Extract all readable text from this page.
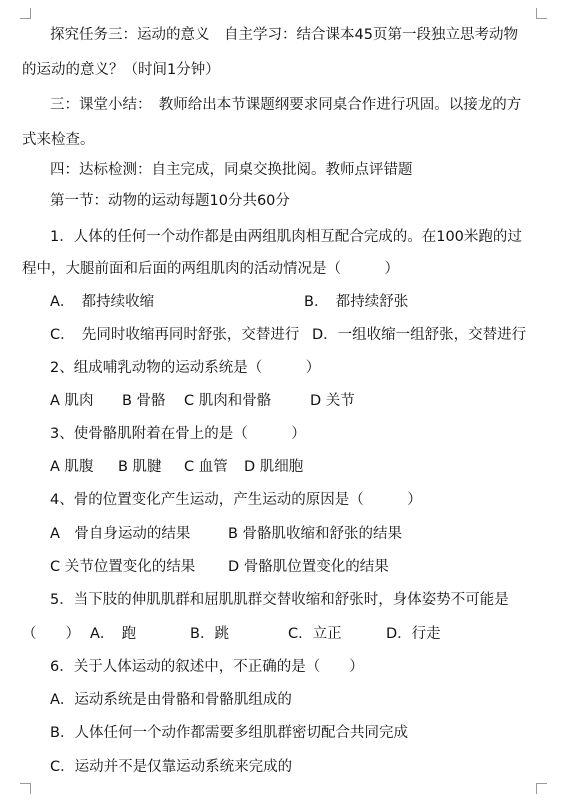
探究任务三：运动的意义　自主学习：结合课本45页第一段独立思考动物
的运动的意义？（时间1分钟）
三：课堂小结：　教师给出本节课题纲要求同桌合作进行巩固。以接龙的方
式来检查。
四：达标检测：自主完成，同桌交换批阅。教师点评错题
第一节：动物的运动每题10分共60分
1．人体的任何一个动作都是由两组肌肉相互配合完成的。在100米跑的过
程中，大腿前面和后面的两组肌肉的活动情况是（　　　）
A．　都持续收缩	B．　都持续舒张
C．　先同时收缩再同时舒张，交替进行 D．一组收缩一组舒张，交替进行
2、组成哺乳动物的运动系统是（　　　）
A 肌肉 B 骨骼 C 肌肉和骨骼	D 关节
3、使骨骼肌附着在骨上的是（　　　）
A 肌腹 B 肌腱 C 血管 D 肌细胞
4、骨的位置变化产生运动，产生运动的原因是（　　　）
A　骨自身运动的结果	B 骨骼肌收缩和舒张的结果
C 关节位置变化的结果 D 骨骼肌位置变化的结果
5．当下肢的伸肌肌群和屈肌肌群交替收缩和舒张时，身体姿势不可能是
（　　） A．　跑	B．跳	C．立正	D．行走
6．关于人体运动的叙述中，不正确的是（　　）
A．运动系统是由骨骼和骨骼肌组成的
B．人体任何一个动作都需要多组肌群密切配合共同完成
C．运动并不是仅靠运动系统来完成的
